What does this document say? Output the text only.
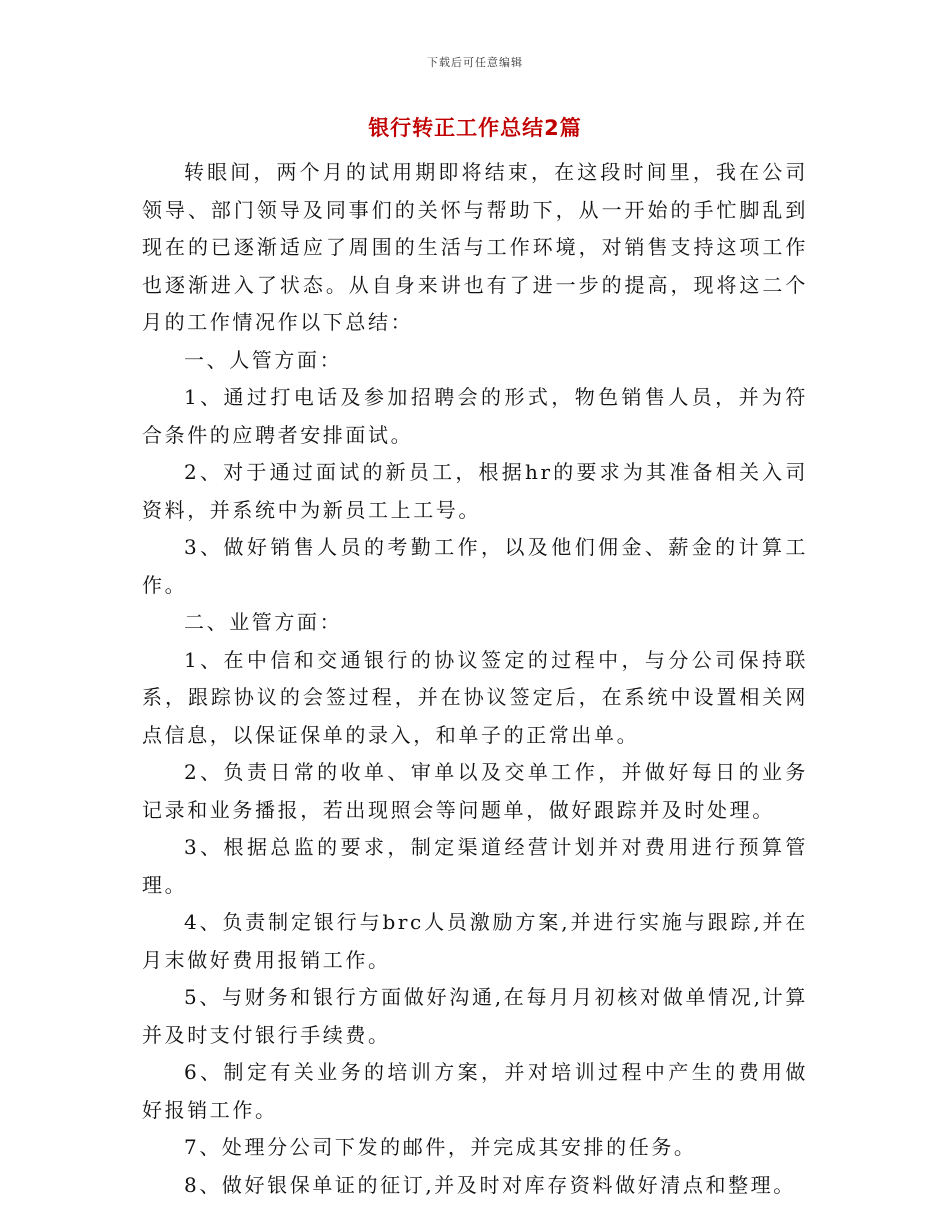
下载后可任意编辑
银行转正工作总结2篇

转眼间，两个月的试用期即将结束，在这段时间里，我在公司领导、部门领导及同事们的关怀与帮助下，从一开始的手忙脚乱到现在的已逐渐适应了周围的生活与工作环境，对销售支持这项工作也逐渐进入了状态。从自身来讲也有了进一步的提高，现将这二个月的工作情况作以下总结：

一、人管方面：

1、通过打电话及参加招聘会的形式，物色销售人员，并为符合条件的应聘者安排面试。

2、对于通过面试的新员工，根据hr的要求为其准备相关入司资料，并系统中为新员工上工号。

3、做好销售人员的考勤工作，以及他们佣金、薪金的计算工作。

二、业管方面：

1、在中信和交通银行的协议签定的过程中，与分公司保持联系，跟踪协议的会签过程，并在协议签定后，在系统中设置相关网点信息，以保证保单的录入，和单子的正常出单。

2、负责日常的收单、审单以及交单工作，并做好每日的业务记录和业务播报，若出现照会等问题单，做好跟踪并及时处理。

3、根据总监的要求，制定渠道经营计划并对费用进行预算管理。

4、负责制定银行与brc人员激励方案,并进行实施与跟踪,并在月末做好费用报销工作。

5、与财务和银行方面做好沟通,在每月月初核对做单情况,计算并及时支付银行手续费。

6、制定有关业务的培训方案，并对培训过程中产生的费用做好报销工作。

7、处理分公司下发的邮件，并完成其安排的任务。

8、做好银保单证的征订,并及时对库存资料做好清点和整理。
